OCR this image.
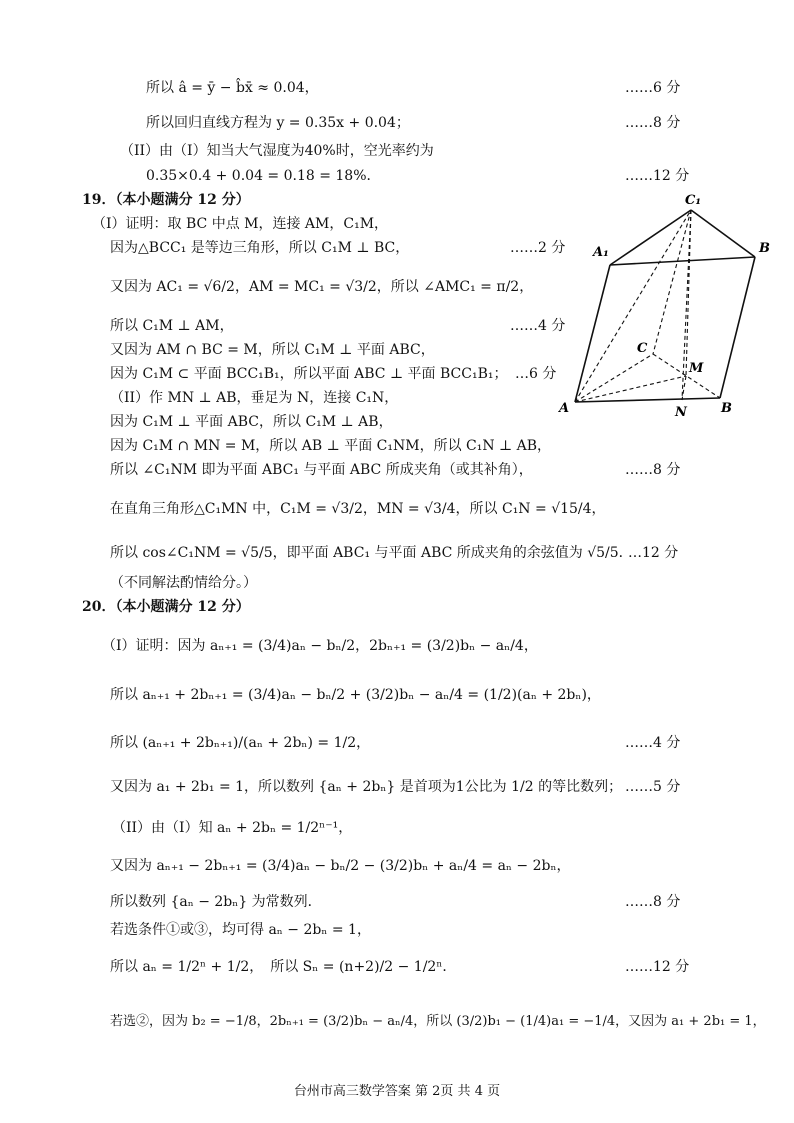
所以 â = ȳ − b̂x̄ ≈ 0.04，	……6 分
所以回归直线方程为 y = 0.35x + 0.04；	……8 分
（II）由（I）知当大气湿度为40%时，空光率约为
0.35×0.4 + 0.04 = 0.18 = 18%．	……12 分
19．（本小题满分 12 分）
（I）证明：取 BC 中点 M，连接 AM，C₁M，
因为△BCC₁ 是等边三角形，所以 C₁M ⊥ BC，	……2 分
又因为 AC₁ = √6/2，AM = MC₁ = √3/2，所以 ∠AMC₁ = π/2，
所以 C₁M ⊥ AM，	……4 分
又因为 AM ∩ BC = M，所以 C₁M ⊥ 平面 ABC，
因为 C₁M ⊂ 平面 BCC₁B₁，所以平面 ABC ⊥ 平面 BCC₁B₁； …6 分
（II）作 MN ⊥ AB，垂足为 N，连接 C₁N，
因为 C₁M ⊥ 平面 ABC，所以 C₁M ⊥ AB，
因为 C₁M ∩ MN = M，所以 AB ⊥ 平面 C₁NM，所以 C₁N ⊥ AB，
所以 ∠C₁NM 即为平面 ABC₁ 与平面 ABC 所成夹角（或其补角），	……8 分
在直角三角形△C₁MN 中，C₁M = √3/2，MN = √3/4，所以 C₁N = √15/4，
所以 cos∠C₁NM = √5/5，即平面 ABC₁ 与平面 ABC 所成夹角的余弦值为 √5/5．
…12 分
（不同解法酌情给分。）
20．（本小题满分 12 分）
（I）证明：因为 aₙ₊₁ = (3/4)aₙ − bₙ/2，2bₙ₊₁ = (3/2)bₙ − aₙ/4，
所以 aₙ₊₁ + 2bₙ₊₁ = (3/4)aₙ − bₙ/2 + (3/2)bₙ − aₙ/4 = (1/2)(aₙ + 2bₙ)，
所以 (aₙ₊₁ + 2bₙ₊₁)/(aₙ + 2bₙ) = 1/2，	……4 分
又因为 a₁ + 2b₁ = 1，所以数列 {aₙ + 2bₙ} 是首项为1公比为 1/2 的等比数列； ……5 分
（II）由（I）知 aₙ + 2bₙ = 1/2ⁿ⁻¹，
又因为 aₙ₊₁ − 2bₙ₊₁ = (3/4)aₙ − bₙ/2 − (3/2)bₙ + aₙ/4 = aₙ − 2bₙ，
所以数列 {aₙ − 2bₙ} 为常数列．	……8 分
若选条件①或③，均可得 aₙ − 2bₙ = 1，
所以 aₙ = 1/2ⁿ + 1/2，　所以 Sₙ = (n+2)/2 − 1/2ⁿ．	……12 分
若选②，因为 b₂ = −1/8，2bₙ₊₁ = (3/2)bₙ − aₙ/4，所以 (3/2)b₁ − (1/4)a₁ = −1/4，又因为 a₁ + 2b₁ = 1，
C₁
A₁	B
C
M
A	N	B
台州市高三数学答案 第 2页 共 4 页
